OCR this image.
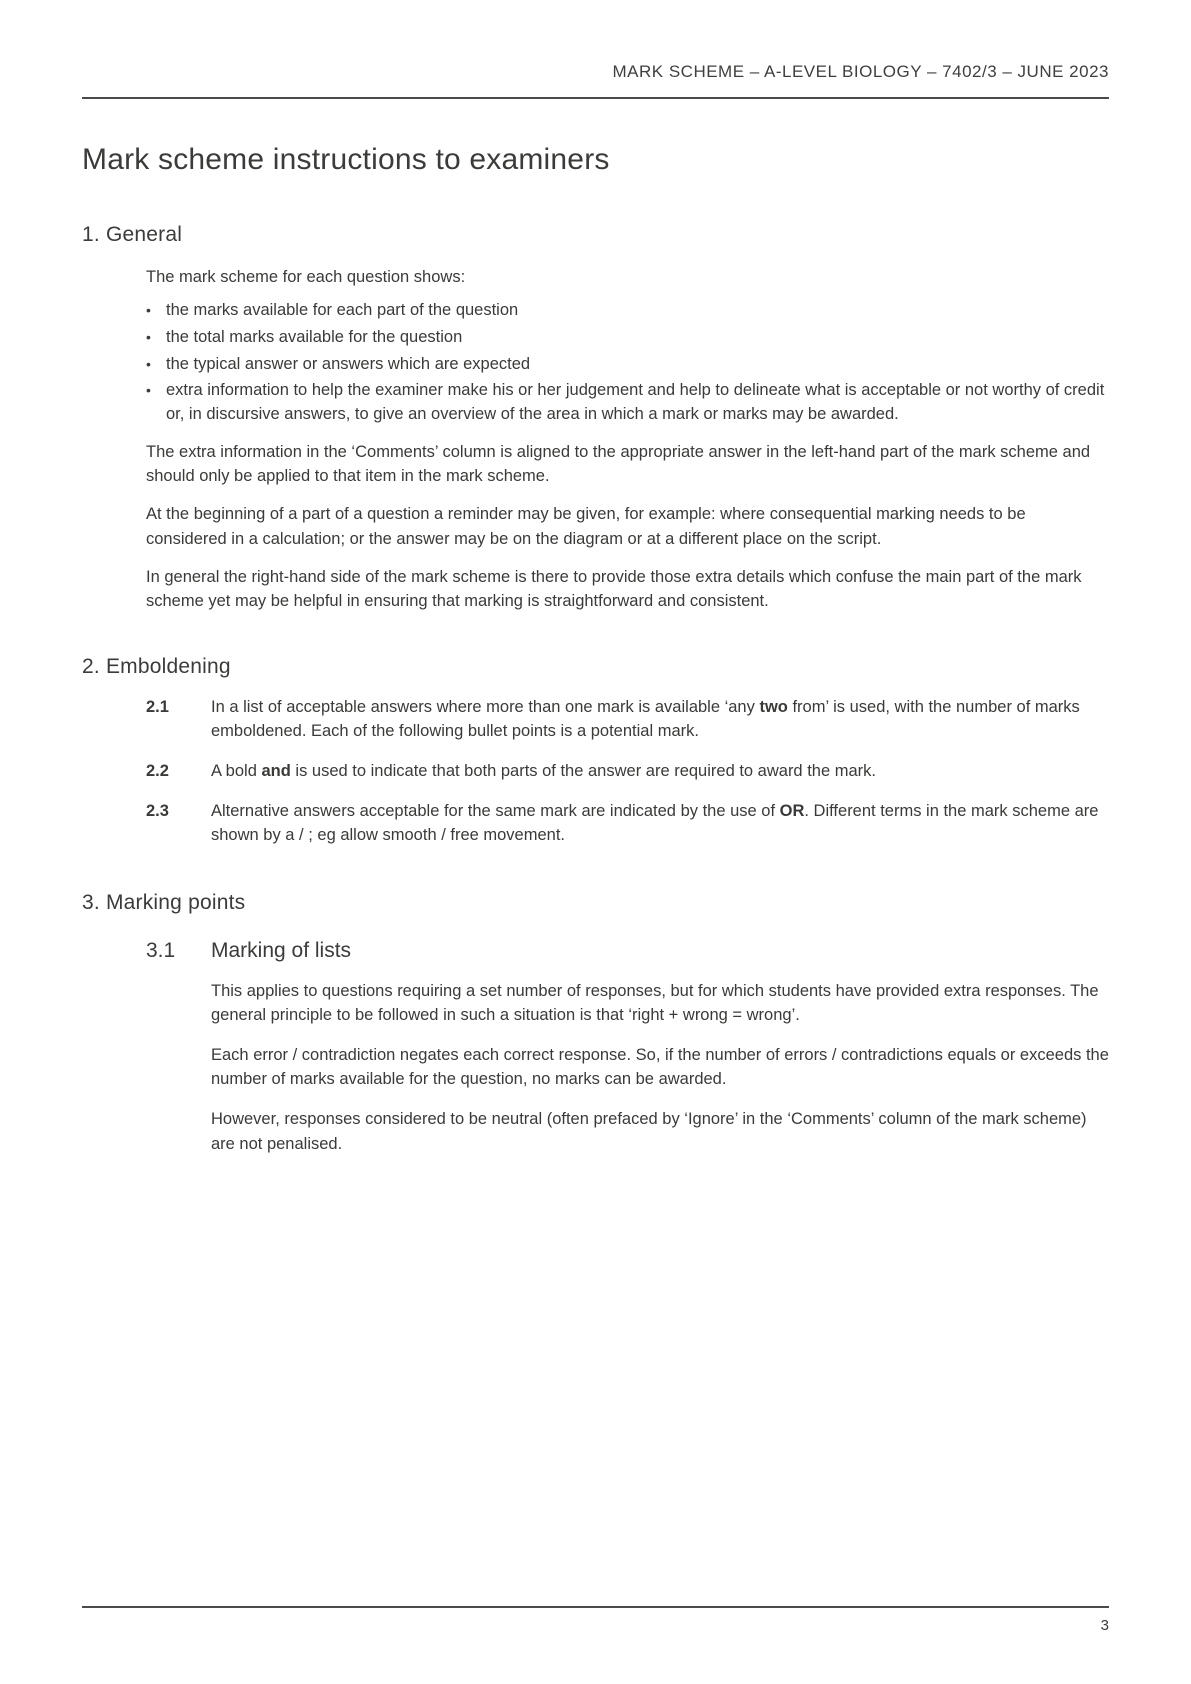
MARK SCHEME – A-LEVEL BIOLOGY – 7402/3 – JUNE 2023
Mark scheme instructions to examiners
1. General

The mark scheme for each question shows:

• the marks available for each part of the question
• the total marks available for the question
• the typical answer or answers which are expected
• extra information to help the examiner make his or her judgement and help to delineate what is acceptable or not worthy of credit or, in discursive answers, to give an overview of the area in which a mark or marks may be awarded.

The extra information in the ‘Comments’ column is aligned to the appropriate answer in the left-hand part of the mark scheme and should only be applied to that item in the mark scheme.

At the beginning of a part of a question a reminder may be given, for example: where consequential marking needs to be considered in a calculation; or the answer may be on the diagram or at a different place on the script.

In general the right-hand side of the mark scheme is there to provide those extra details which confuse the main part of the mark scheme yet may be helpful in ensuring that marking is straightforward and consistent.

2. Emboldening
2.1	In a list of acceptable answers where more than one mark is available ‘any two from’ is used, with the number of marks emboldened. Each of the following bullet points is a potential mark.
2.2	A bold and is used to indicate that both parts of the answer are required to award the mark.
2.3	Alternative answers acceptable for the same mark are indicated by the use of OR. Different terms in the mark scheme are shown by a / ; eg allow smooth / free movement.
3. Marking points
3.1	Marking of lists

This applies to questions requiring a set number of responses, but for which students have provided extra responses. The general principle to be followed in such a situation is that ‘right + wrong = wrong’.

Each error / contradiction negates each correct response. So, if the number of errors / contradictions equals or exceeds the number of marks available for the question, no marks can be awarded.

However, responses considered to be neutral (often prefaced by ‘Ignore’ in the ‘Comments’ column of the mark scheme) are not penalised.

3
